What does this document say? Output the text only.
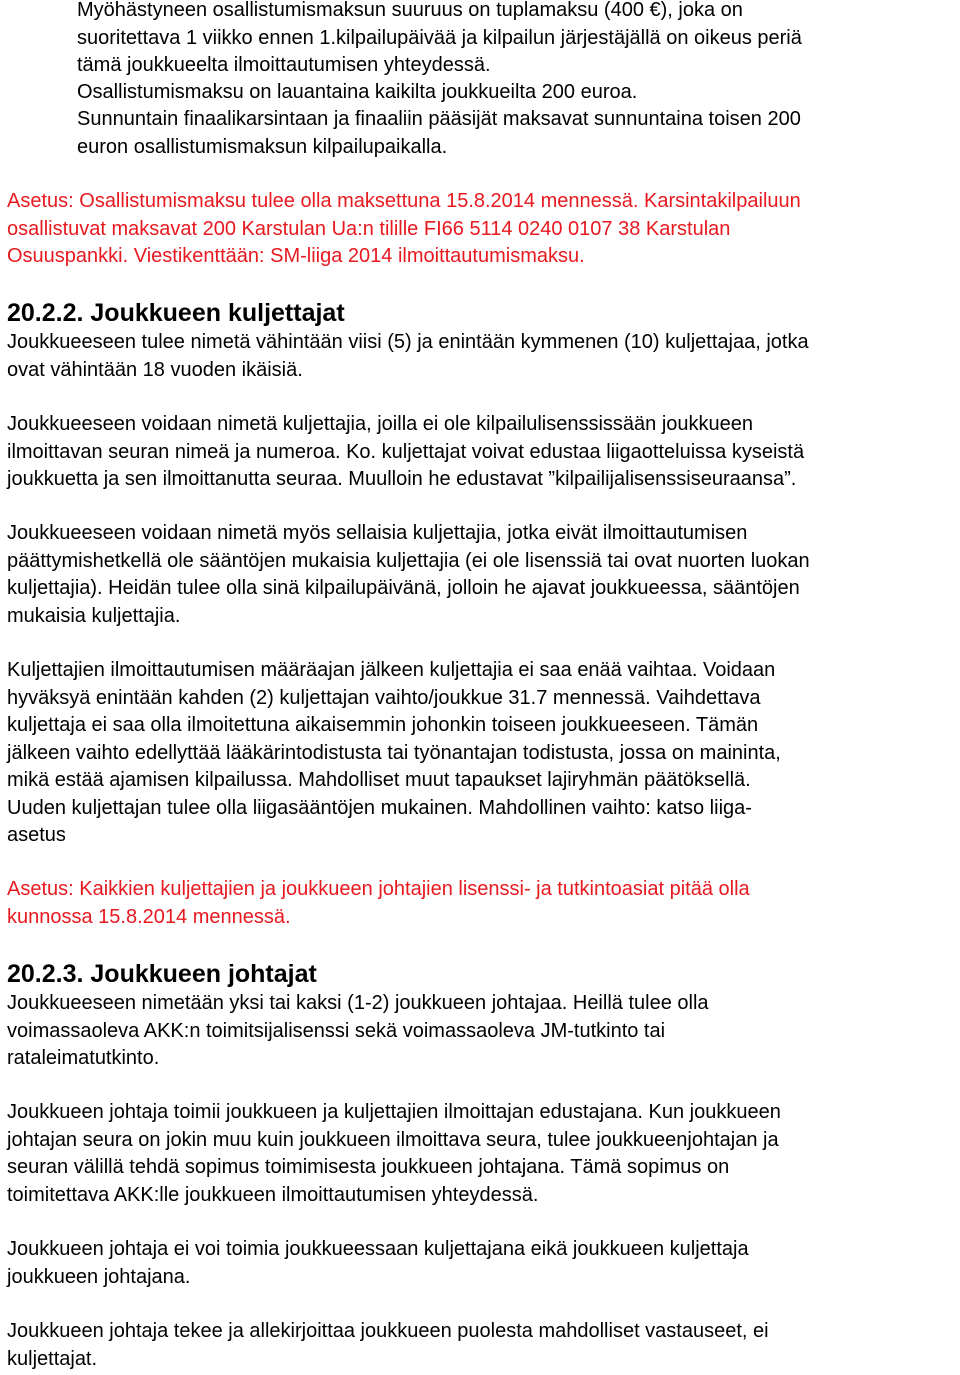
Myöhästyneen osallistumismaksun suuruus on tuplamaksu (400 €), joka on
suoritettava 1 viikko ennen 1.kilpailupäivää ja kilpailun järjestäjällä on oikeus periä
tämä joukkueelta ilmoittautumisen yhteydessä.

Osallistumismaksu on lauantaina kaikilta joukkueilta 200 euroa.

Sunnuntain finaalikarsintaan ja finaaliin pääsijät maksavat sunnuntaina toisen 200
euron osallistumismaksun kilpailupaikalla.

Asetus: Osallistumismaksu tulee olla maksettuna 15.8.2014 mennessä. Karsintakilpailuun
osallistuvat maksavat 200 Karstulan Ua:n tilille FI66 5114 0240 0107 38 Karstulan
Osuuspankki. Viestikenttään: SM-liiga 2014 ilmoittautumismaksu.

20.2.2. Joukkueen kuljettajat

Joukkueeseen tulee nimetä vähintään viisi (5) ja enintään kymmenen (10) kuljettajaa, jotka
ovat vähintään 18 vuoden ikäisiä.

Joukkueeseen voidaan nimetä kuljettajia, joilla ei ole kilpailulisenssissään joukkueen
ilmoittavan seuran nimeä ja numeroa. Ko. kuljettajat voivat edustaa liigaotteluissa kyseistä
joukkuetta ja sen ilmoittanutta seuraa. Muulloin he edustavat ”kilpailijalisenssiseuraansa”.

Joukkueeseen voidaan nimetä myös sellaisia kuljettajia, jotka eivät ilmoittautumisen
päättymishetkellä ole sääntöjen mukaisia kuljettajia (ei ole lisenssiä tai ovat nuorten luokan
kuljettajia). Heidän tulee olla sinä kilpailupäivänä, jolloin he ajavat joukkueessa, sääntöjen
mukaisia kuljettajia.

Kuljettajien ilmoittautumisen määräajan jälkeen kuljettajia ei saa enää vaihtaa. Voidaan
hyväksyä enintään kahden (2) kuljettajan vaihto/joukkue 31.7 mennessä. Vaihdettava
kuljettaja ei saa olla ilmoitettuna aikaisemmin johonkin toiseen joukkueeseen. Tämän
jälkeen vaihto edellyttää lääkärintodistusta tai työnantajan todistusta, jossa on maininta,
mikä estää ajamisen kilpailussa. Mahdolliset muut tapaukset lajiryhmän päätöksellä.
Uuden kuljettajan tulee olla liigasääntöjen mukainen. Mahdollinen vaihto: katso liiga-
asetus

Asetus: Kaikkien kuljettajien ja joukkueen johtajien lisenssi- ja tutkintoasiat pitää olla
kunnossa 15.8.2014 mennessä.

20.2.3. Joukkueen johtajat

Joukkueeseen nimetään yksi tai kaksi (1-2) joukkueen johtajaa. Heillä tulee olla
voimassaoleva AKK:n toimitsijalisenssi sekä voimassaoleva JM-tutkinto tai
rataleimatutkinto.

Joukkueen johtaja toimii joukkueen ja kuljettajien ilmoittajan edustajana. Kun joukkueen
johtajan seura on jokin muu kuin joukkueen ilmoittava seura, tulee joukkueenjohtajan ja
seuran välillä tehdä sopimus toimimisesta joukkueen johtajana. Tämä sopimus on
toimitettava AKK:lle joukkueen ilmoittautumisen yhteydessä.

Joukkueen johtaja ei voi toimia joukkueessaan kuljettajana eikä joukkueen kuljettaja
joukkueen johtajana.

Joukkueen johtaja tekee ja allekirjoittaa joukkueen puolesta mahdolliset vastauseet, ei
kuljettajat.
